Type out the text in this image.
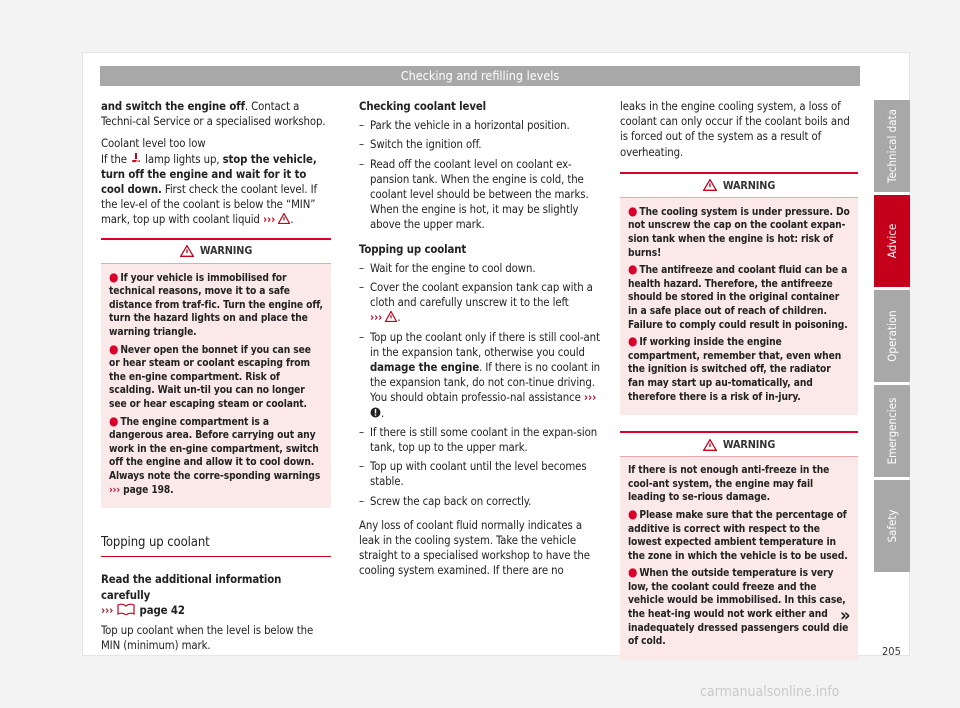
Checking and refilling levels

and switch the engine off. Contact a Techni-cal Service or a specialised workshop.

Coolant level too low

If the  lamp lights up, stop the vehicle, turn off the engine and wait for it to cool down. First check the coolant level. If the lev-el of the coolant is below the “MIN” mark, top up with coolant liquid ››› .

WARNING
● If your vehicle is immobilised for technical reasons, move it to a safe distance from traf-fic. Turn the engine off, turn the hazard lights on and place the warning triangle.
● Never open the bonnet if you can see or hear steam or coolant escaping from the en-gine compartment. Risk of scalding. Wait un-til you can no longer see or hear escaping steam or coolant.
● The engine compartment is a dangerous area. Before carrying out any work in the en-gine compartment, switch off the engine and allow it to cool down. Always note the corre-sponding warnings ››› page 198.
Topping up coolant

Read the additional information carefully
››› page 42

Top up coolant when the level is below the MIN (minimum) mark.

Checking coolant level

– Park the vehicle in a horizontal position.
– Switch the ignition off.
– Read off the coolant level on coolant ex-pansion tank. When the engine is cold, the coolant level should be between the marks. When the engine is hot, it may be slightly above the upper mark.

Topping up coolant

– Wait for the engine to cool down.
– Cover the coolant expansion tank cap with a cloth and carefully unscrew it to the left
››› .
– Top up the coolant only if there is still cool-ant in the expansion tank, otherwise you could damage the engine. If there is no coolant in the expansion tank, do not con-tinue driving. You should obtain professio-nal assistance ››› .
– If there is still some coolant in the expan-sion tank, top up to the upper mark.
– Top up with coolant until the level becomes stable.
– Screw the cap back on correctly.

Any loss of coolant fluid normally indicates a leak in the cooling system. Take the vehicle straight to a specialised workshop to have the cooling system examined. If there are no

leaks in the engine cooling system, a loss of coolant can only occur if the coolant boils and is forced out of the system as a result of overheating.

WARNING
● The cooling system is under pressure. Do not unscrew the cap on the coolant expan-sion tank when the engine is hot: risk of burns!
● The antifreeze and coolant fluid can be a health hazard. Therefore, the antifreeze should be stored in the original container in a safe place out of reach of children. Failure to comply could result in poisoning.
● If working inside the engine compartment, remember that, even when the ignition is switched off, the radiator fan may start up au-tomatically, and therefore there is a risk of in-jury.
WARNING
If there is not enough anti-freeze in the cool-ant system, the engine may fail leading to se-rious damage.
● Please make sure that the percentage of additive is correct with respect to the lowest expected ambient temperature in the zone in which the vehicle is to be used.
● When the outside temperature is very low, the coolant could freeze and the vehicle would be immobilised. In this case, the heat-ing would not work either and inadequately dressed passengers could die of cold.
»
Technical data
Advice
Operation
Emergencies
Safety
205
carmanualsonline.info
